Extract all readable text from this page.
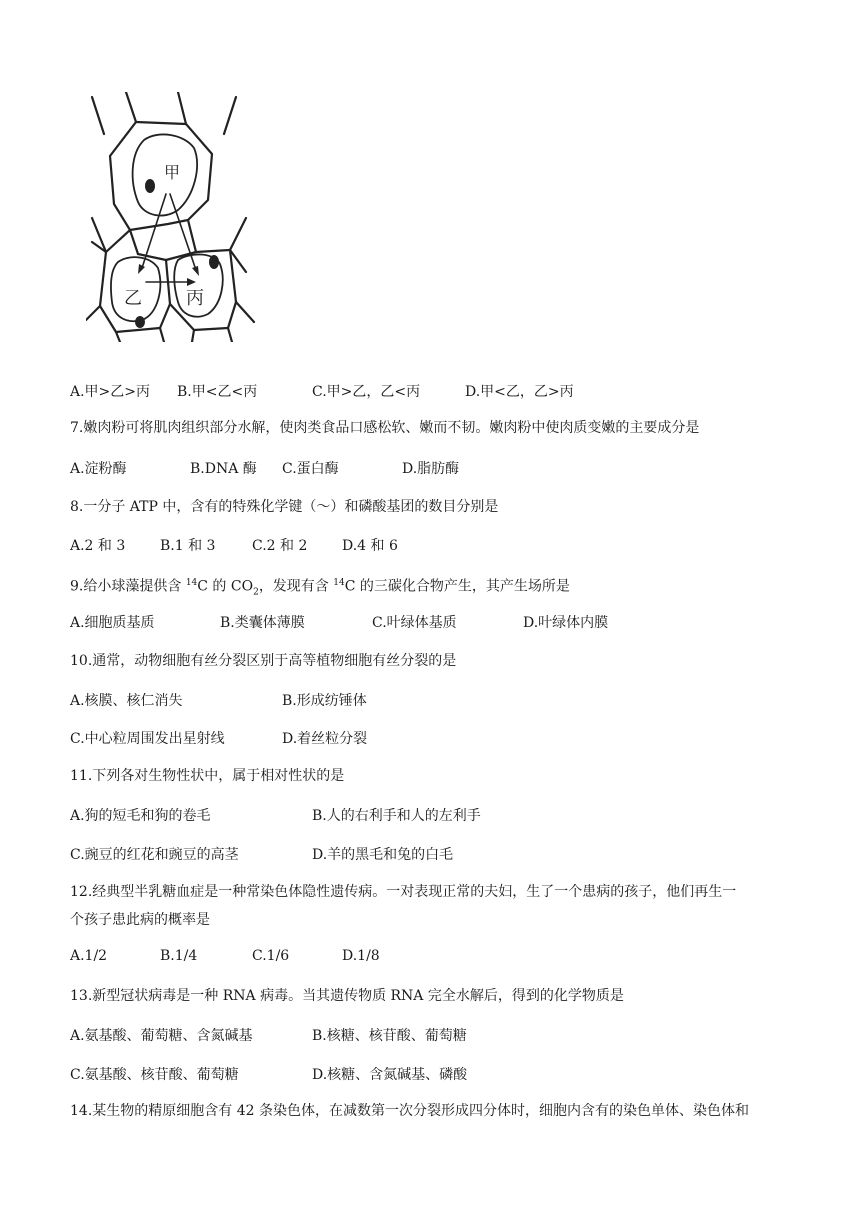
甲
乙 丙
A.甲>乙>丙 B.甲<乙<丙	C.甲>乙，乙<丙	D.甲<乙，乙>丙
7.嫩肉粉可将肌肉组织部分水解，使肉类食品口感松软、嫩而不韧。嫩肉粉中使肉质变嫩的主要成分是
A.淀粉酶	B.DNA 酶 C.蛋白酶	D.脂肪酶
8.一分子 ATP 中，含有的特殊化学键（～）和磷酸基团的数目分别是
A.2 和 3 B.1 和 3	C.2 和 2 D.4 和 6
9.给小球藻提供含 $^{14}$C 的 $CO_2$，发现有含 $^{14}$C 的三碳化合物产生，其产生场所是
A.细胞质基质	B.类囊体薄膜	C.叶绿体基质	D.叶绿体内膜
10.通常，动物细胞有丝分裂区别于高等植物细胞有丝分裂的是
A.核膜、核仁消失	B.形成纺锤体
C.中心粒周围发出星射线	D.着丝粒分裂
11.下列各对生物性状中，属于相对性状的是
A.狗的短毛和狗的卷毛	B.人的右利手和人的左利手
C.豌豆的红花和豌豆的高茎	D.羊的黑毛和兔的白毛
12.经典型半乳糖血症是一种常染色体隐性遗传病。一对表现正常的夫妇，生了一个患病的孩子，他们再生一
个孩子患此病的概率是
A.1/2	B.1/4	C.1/6	D.1/8
13.新型冠状病毒是一种 RNA 病毒。当其遗传物质 RNA 完全水解后，得到的化学物质是
A.氨基酸、葡萄糖、含氮碱基	B.核糖、核苷酸、葡萄糖
C.氨基酸、核苷酸、葡萄糖	D.核糖、含氮碱基、磷酸
14.某生物的精原细胞含有 42 条染色体，在减数第一次分裂形成四分体时，细胞内含有的染色单体、染色体和
